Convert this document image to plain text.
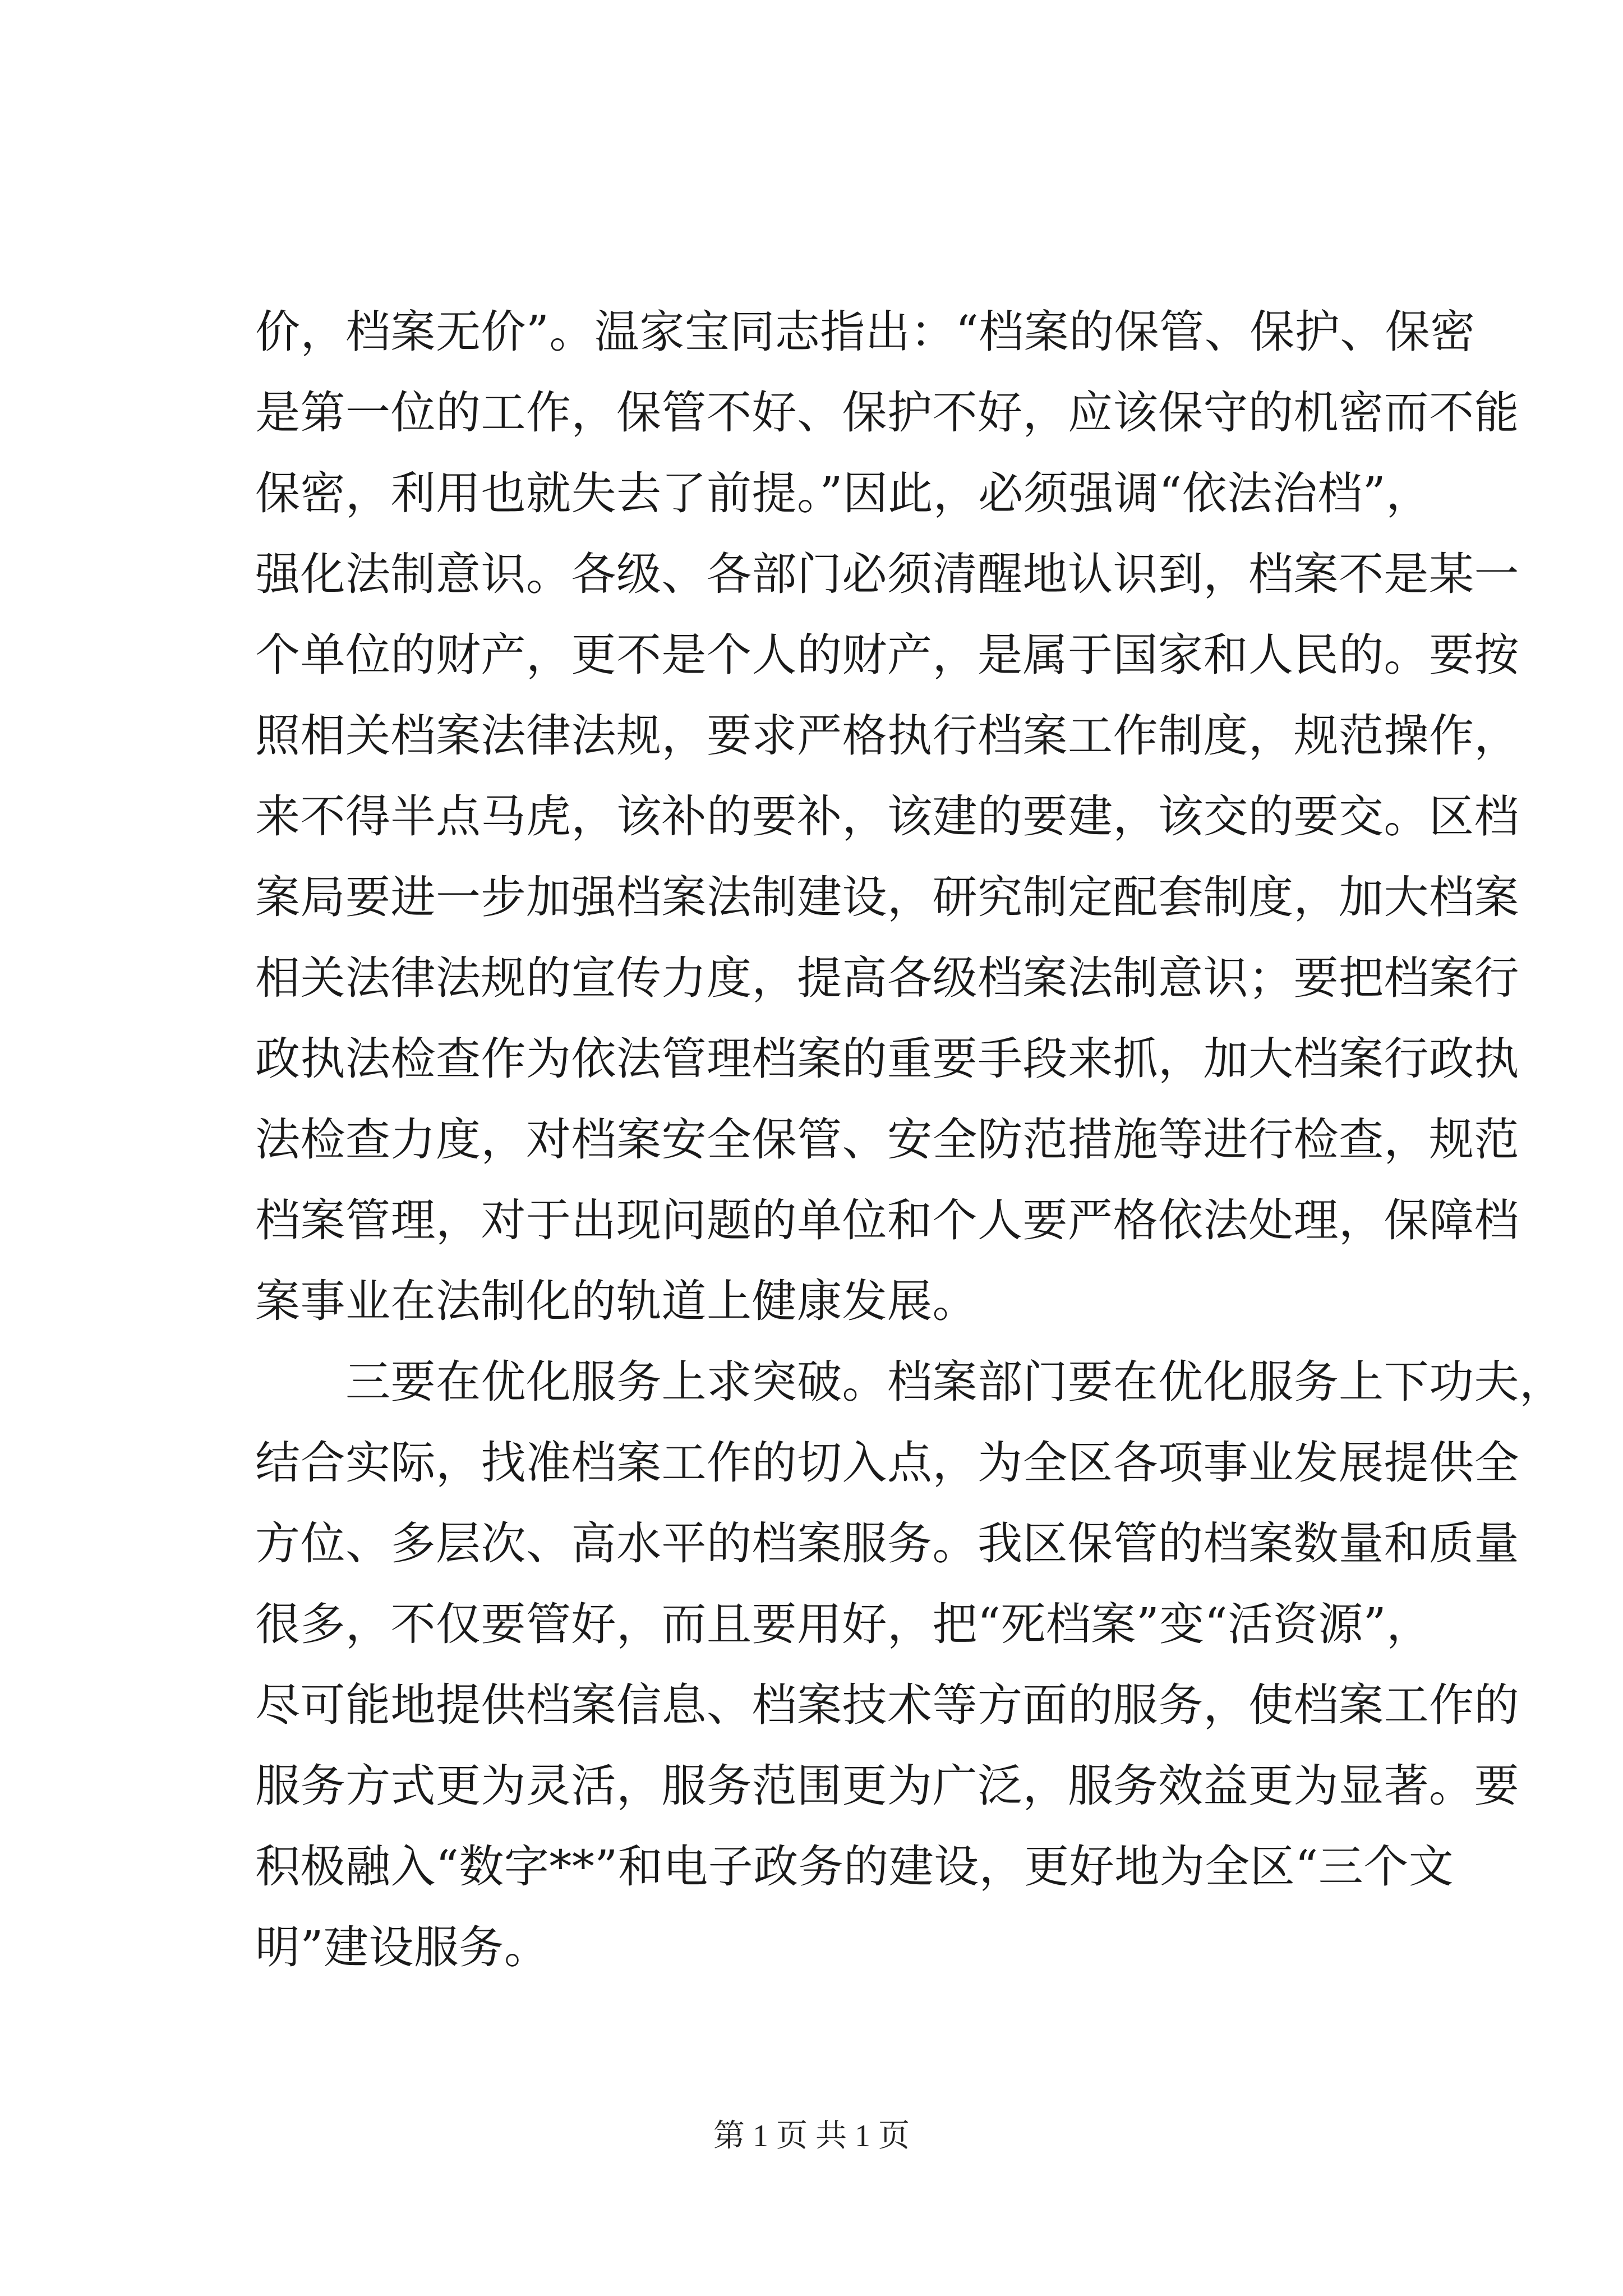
价，档案无价”。温家宝同志指出：“档案的保管、保护、保密
是第一位的工作，保管不好、保护不好，应该保守的机密而不能
保密，利用也就失去了前提。”因此，必须强调“依法治档”，
强化法制意识。各级、各部门必须清醒地认识到，档案不是某一
个单位的财产，更不是个人的财产，是属于国家和人民的。要按
照相关档案法律法规，要求严格执行档案工作制度，规范操作，
来不得半点马虎，该补的要补，该建的要建，该交的要交。区档
案局要进一步加强档案法制建设，研究制定配套制度，加大档案
相关法律法规的宣传力度，提高各级档案法制意识；要把档案行
政执法检查作为依法管理档案的重要手段来抓，加大档案行政执
法检查力度，对档案安全保管、安全防范措施等进行检查，规范
档案管理，对于出现问题的单位和个人要严格依法处理，保障档
案事业在法制化的轨道上健康发展。
　　三要在优化服务上求突破。档案部门要在优化服务上下功夫，
结合实际，找准档案工作的切入点，为全区各项事业发展提供全
方位、多层次、高水平的档案服务。我区保管的档案数量和质量
很多，不仅要管好，而且要用好，把“死档案”变“活资源”，
尽可能地提供档案信息、档案技术等方面的服务，使档案工作的
服务方式更为灵活，服务范围更为广泛，服务效益更为显著。要
积极融入“数字**”和电子政务的建设，更好地为全区“三个文
明”建设服务。
第 1 页 共 1 页
